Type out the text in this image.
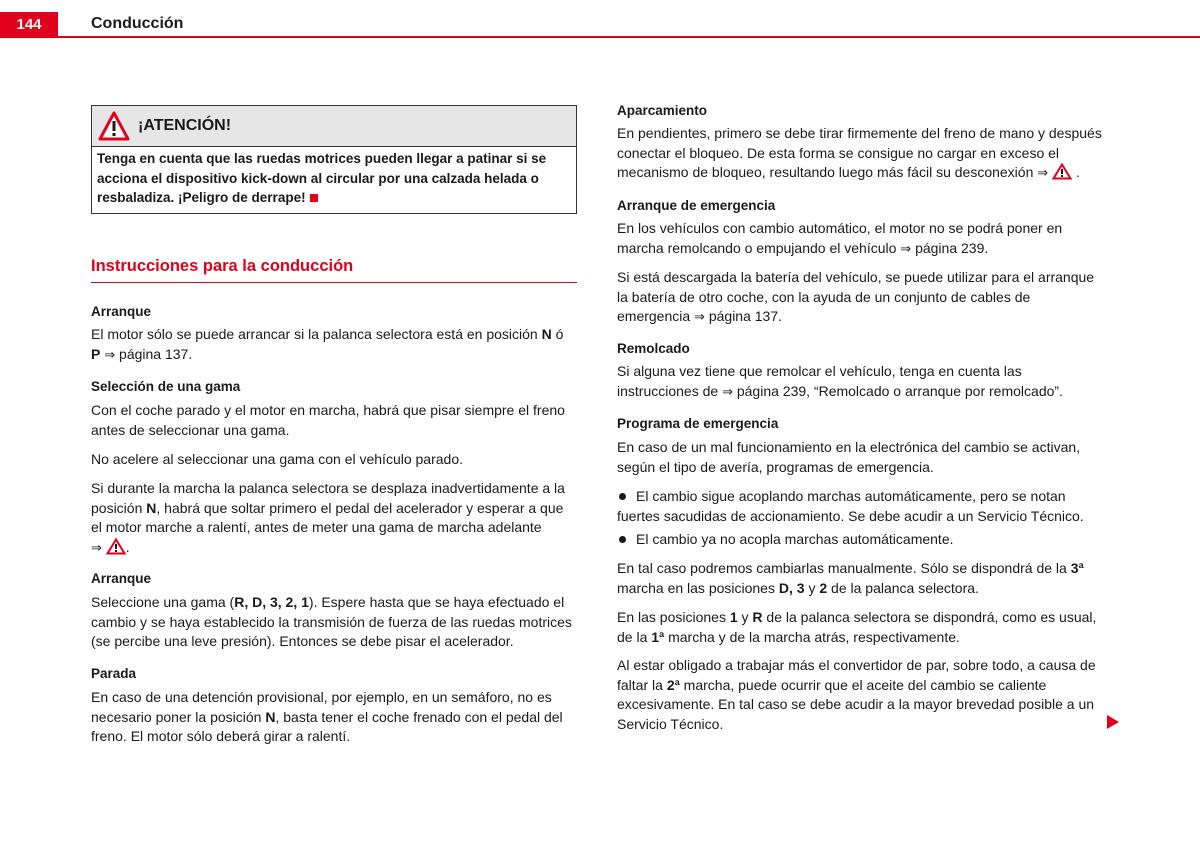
144	Conducción
¡ATENCIÓN!
Tenga en cuenta que las ruedas motrices pueden llegar a patinar si se acciona el dispositivo kick-down al circular por una calzada helada o resbaladiza. ¡Peligro de derrape!
Instrucciones para la conducción
Arranque
El motor sólo se puede arrancar si la palanca selectora está en posición N ó
P ⇒ página 137.
Selección de una gama
Con el coche parado y el motor en marcha, habrá que pisar siempre el freno antes de seleccionar una gama.
No acelere al seleccionar una gama con el vehículo parado.
Si durante la marcha la palanca selectora se desplaza inadvertidamente a la posición N, habrá que soltar primero el pedal del acelerador y esperar a que el motor marche a ralentí, antes de meter una gama de marcha adelante
⇒ .
Arranque
Seleccione una gama (R, D, 3, 2, 1). Espere hasta que se haya efectuado el cambio y se haya establecido la transmisión de fuerza de las ruedas motrices (se percibe una leve presión). Entonces se debe pisar el acelerador.
Parada
En caso de una detención provisional, por ejemplo, en un semáforo, no es necesario poner la posición N, basta tener el coche frenado con el pedal del freno. El motor sólo deberá girar a ralentí.
Aparcamiento
En pendientes, primero se debe tirar firmemente del freno de mano y después conectar el bloqueo. De esta forma se consigue no cargar en exceso el mecanismo de bloqueo, resultando luego más fácil su desconexión ⇒  .
Arranque de emergencia
En los vehículos con cambio automático, el motor no se podrá poner en marcha remolcando o empujando el vehículo ⇒ página 239.
Si está descargada la batería del vehículo, se puede utilizar para el arranque la batería de otro coche, con la ayuda de un conjunto de cables de emergencia ⇒ página 137.
Remolcado
Si alguna vez tiene que remolcar el vehículo, tenga en cuenta las instrucciones de ⇒ página 239, “Remolcado o arranque por remolcado”.
Programa de emergencia
En caso de un mal funcionamiento en la electrónica del cambio se activan, según el tipo de avería, programas de emergencia.
El cambio sigue acoplando marchas automáticamente, pero se notan fuertes sacudidas de accionamiento. Se debe acudir a un Servicio Técnico.
El cambio ya no acopla marchas automáticamente.
En tal caso podremos cambiarlas manualmente. Sólo se dispondrá de la 3ª marcha en las posiciones D, 3 y 2 de la palanca selectora.
En las posiciones 1 y R de la palanca selectora se dispondrá, como es usual, de la 1ª marcha y de la marcha atrás, respectivamente.
Al estar obligado a trabajar más el convertidor de par, sobre todo, a causa de faltar la 2ª marcha, puede ocurrir que el aceite del cambio se caliente excesivamente. En tal caso se debe acudir a la mayor brevedad posible a un Servicio Técnico.
